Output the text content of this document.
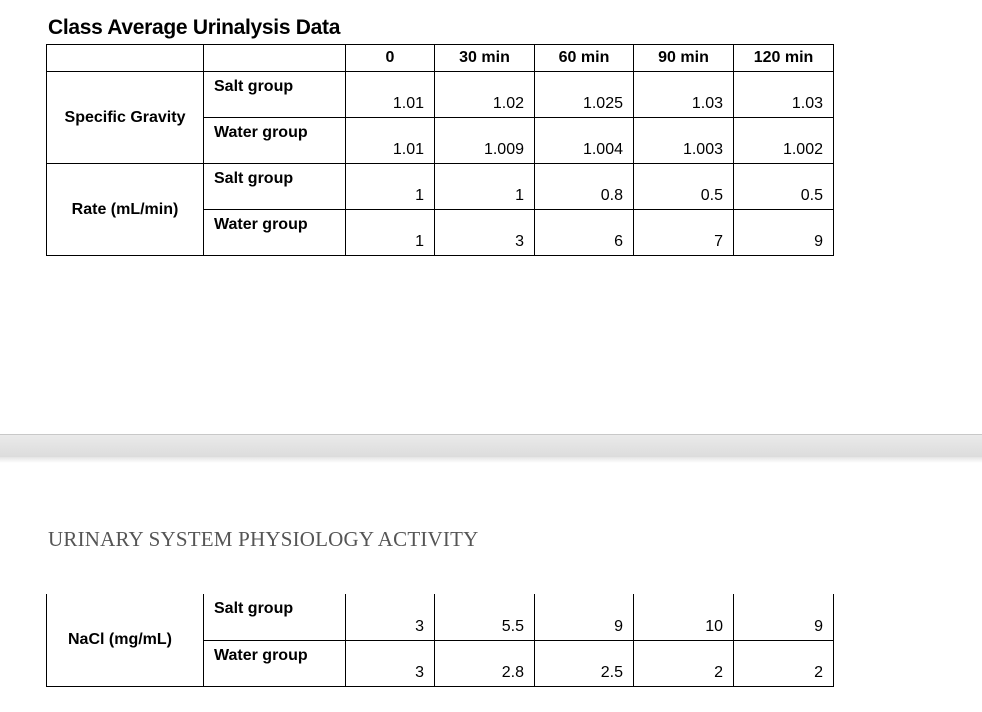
Class Average Urinalysis Data
		0	30 min	60 min	90 min	120 min
Specific Gravity	Salt group	1.01	1.02	1.025	1.03	1.03
	Water group	1.01	1.009	1.004	1.003	1.002
Rate (mL/min)	Salt group	1	1	0.8	0.5	0.5
	Water group	1	3	6	7	9
URINARY SYSTEM PHYSIOLOGY ACTIVITY
NaCl (mg/mL)	Salt group	3	5.5	9	10	9
	Water group	3	2.8	2.5	2	2
